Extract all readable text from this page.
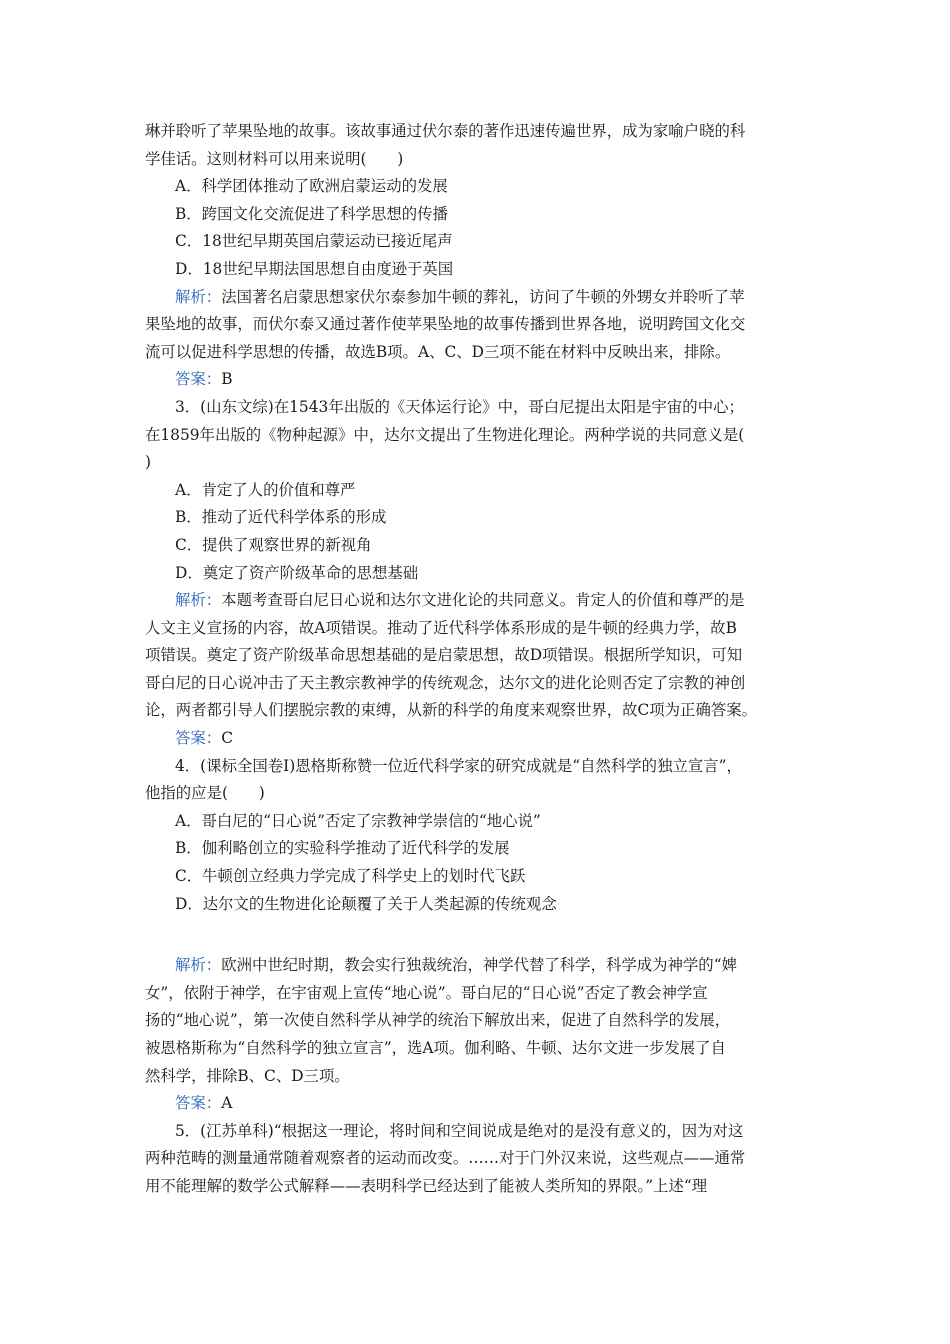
琳并聆听了苹果坠地的故事。该故事通过伏尔泰的著作迅速传遍世界，成为家喻户晓的科
学佳话。这则材料可以用来说明(　　)
A．科学团体推动了欧洲启蒙运动的发展
B．跨国文化交流促进了科学思想的传播
C．18世纪早期英国启蒙运动已接近尾声
D．18世纪早期法国思想自由度逊于英国
解析：法国著名启蒙思想家伏尔泰参加牛顿的葬礼，访问了牛顿的外甥女并聆听了苹
果坠地的故事，而伏尔泰又通过著作使苹果坠地的故事传播到世界各地，说明跨国文化交
流可以促进科学思想的传播，故选B项。A、C、D三项不能在材料中反映出来，排除。
答案：B
3．(山东文综)在1543年出版的《天体运行论》中，哥白尼提出太阳是宇宙的中心；
在1859年出版的《物种起源》中，达尔文提出了生物进化理论。两种学说的共同意义是(
)
A．肯定了人的价值和尊严
B．推动了近代科学体系的形成
C．提供了观察世界的新视角
D．奠定了资产阶级革命的思想基础
解析：本题考查哥白尼日心说和达尔文进化论的共同意义。肯定人的价值和尊严的是
人文主义宣扬的内容，故A项错误。推动了近代科学体系形成的是牛顿的经典力学，故B
项错误。奠定了资产阶级革命思想基础的是启蒙思想，故D项错误。根据所学知识，可知
哥白尼的日心说冲击了天主教宗教神学的传统观念，达尔文的进化论则否定了宗教的神创
论，两者都引导人们摆脱宗教的束缚，从新的科学的角度来观察世界，故C项为正确答案。
答案：C
4．(课标全国卷Ⅰ)恩格斯称赞一位近代科学家的研究成就是“自然科学的独立宣言”，
他指的应是(　　)
A．哥白尼的“日心说”否定了宗教神学崇信的“地心说”
B．伽利略创立的实验科学推动了近代科学的发展
C．牛顿创立经典力学完成了科学史上的划时代飞跃
D．达尔文的生物进化论颠覆了关于人类起源的传统观念
解析：欧洲中世纪时期，教会实行独裁统治，神学代替了科学，科学成为神学的“婢
女”，依附于神学，在宇宙观上宣传“地心说”。哥白尼的“日心说”否定了教会神学宣
扬的“地心说”，第一次使自然科学从神学的统治下解放出来，促进了自然科学的发展，
被恩格斯称为“自然科学的独立宣言”，选A项。伽利略、牛顿、达尔文进一步发展了自
然科学，排除B、C、D三项。
答案：A
5．(江苏单科)“根据这一理论，将时间和空间说成是绝对的是没有意义的，因为对这
两种范畴的测量通常随着观察者的运动而改变。……对于门外汉来说，这些观点——通常
用不能理解的数学公式解释——表明科学已经达到了能被人类所知的界限。”上述“理
